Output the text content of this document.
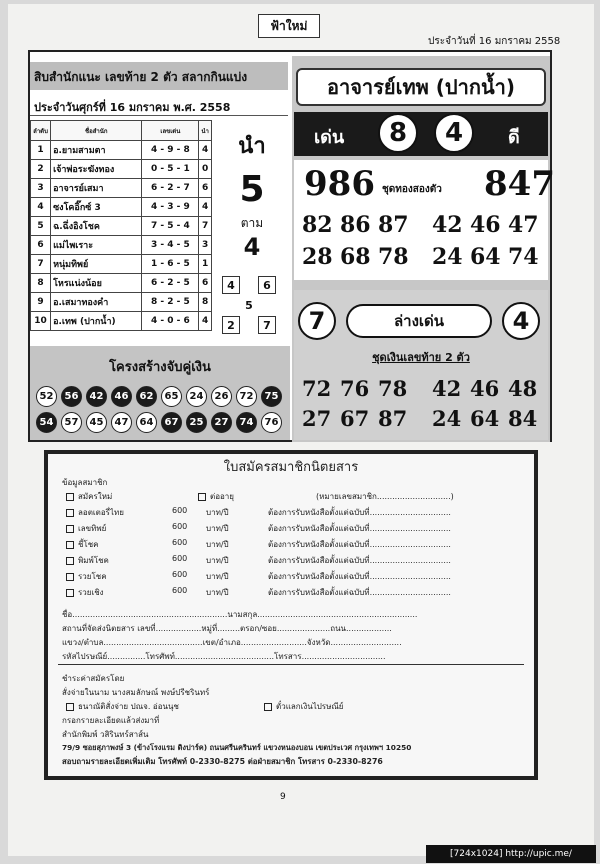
ฟ้าใหม่
ประจำวันที่ 16 มกราคม 2558
สิบสำนักแนะ เลขท้าย 2 ตัว สลากกินแบ่ง
ประจำวันศุกร์ที่ 16 มกราคม พ.ศ. 2558
ลำดับ	ชื่อสำนัก	เลขเด่น	นำ
1	อ.ยามสามตา	4 - 9 - 8	4
2	เจ้าพ่อระฆังทอง	0 - 5 - 1	0
3	อาจารย์เสมา	6 - 2 - 7	6
4	ซงโคอิ๊กซ์ 3	4 - 3 - 9	4
5	ฉ.ฉึ่งอิงโชค	7 - 5 - 4	7
6	แม่ไพเราะ	3 - 4 - 5	3
7	หนุ่มทิพย์	1 - 6 - 5	1
8	โหรแน่งน้อย	6 - 2 - 5	6
9	อ.เสมาทองคำ	8 - 2 - 5	8
10	อ.เทพ (ปากน้ำ)	4 - 0 - 6	4
นำ
5
ตาม
4
4	6
5
2	7
โครงสร้างจับคู่เงิน
52	56	42	46	62	65	24	26	72	75
54	57	45	47	64	67	25	27	74	76
อาจารย์เทพ (ปากน้ำ)
เด่น	8	4	ดี
986 ชุดทองสองตัว 847
82 86 87 42 46 47
28 68 78 24 64 74
7	ล่างเด่น	4
ชุดเงินเลขท้าย 2 ตัว
72 76 78 42 46 48
27 67 87 24 64 84
ใบสมัครสมาชิกนิตยสาร
ข้อมูลสมาชิก
สมัครใหม่	ต่ออายุ	(หมายเลขสมาชิก.............................)
ลอตเตอรี่ไทย	600 บาท/ปี	ต้องการรับหนังสือตั้งแต่ฉบับที่................................
เลขทิพย์	600 บาท/ปี	ต้องการรับหนังสือตั้งแต่ฉบับที่................................
ชี้โชค	600 บาท/ปี	ต้องการรับหนังสือตั้งแต่ฉบับที่................................
พิมพ์โชค	600 บาท/ปี	ต้องการรับหนังสือตั้งแต่ฉบับที่................................
รวยโชค	600 บาท/ปี	ต้องการรับหนังสือตั้งแต่ฉบับที่................................
รวยเชิง	600 บาท/ปี	ต้องการรับหนังสือตั้งแต่ฉบับที่................................
ชื่อ.............................................................นามสกุล...............................................................
สถานที่จัดส่งนิตยสาร เลขที่..................หมู่ที่.........ตรอก/ซอย.....................ถนน..................
แขวง/ตำบล.......................................เขต/อำเภอ..........................จังหวัด............................
รหัสไปรษณีย์...............โทรศัพท์.......................................โทรสาร.................................
ชำระค่าสมัครโดย
สั่งจ่ายในนาม นางสมลักษณ์ พงษ์ปรีชรินทร์
ธนาณัติสั่งจ่าย ปณจ. อ่อนนุช	ตั๋วแลกเงินไปรษณีย์
กรอกรายละเอียดแล้วส่งมาที่
สำนักพิมพ์ วสิรินทร์สาส์น
79/9 ซอยสุภาพงษ์ 3 (ข้างโรงแรม ดิงปาร์ค) ถนนศรีนครินทร์ แขวงหนองบอน เขตประเวศ กรุงเทพฯ 10250
สอบถามรายละเอียดเพิ่มเติม โทรศัพท์ 0-2330-8275 ต่อฝ่ายสมาชิก โทรสาร 0-2330-8276
9
[724x1024] http://upic.me/
